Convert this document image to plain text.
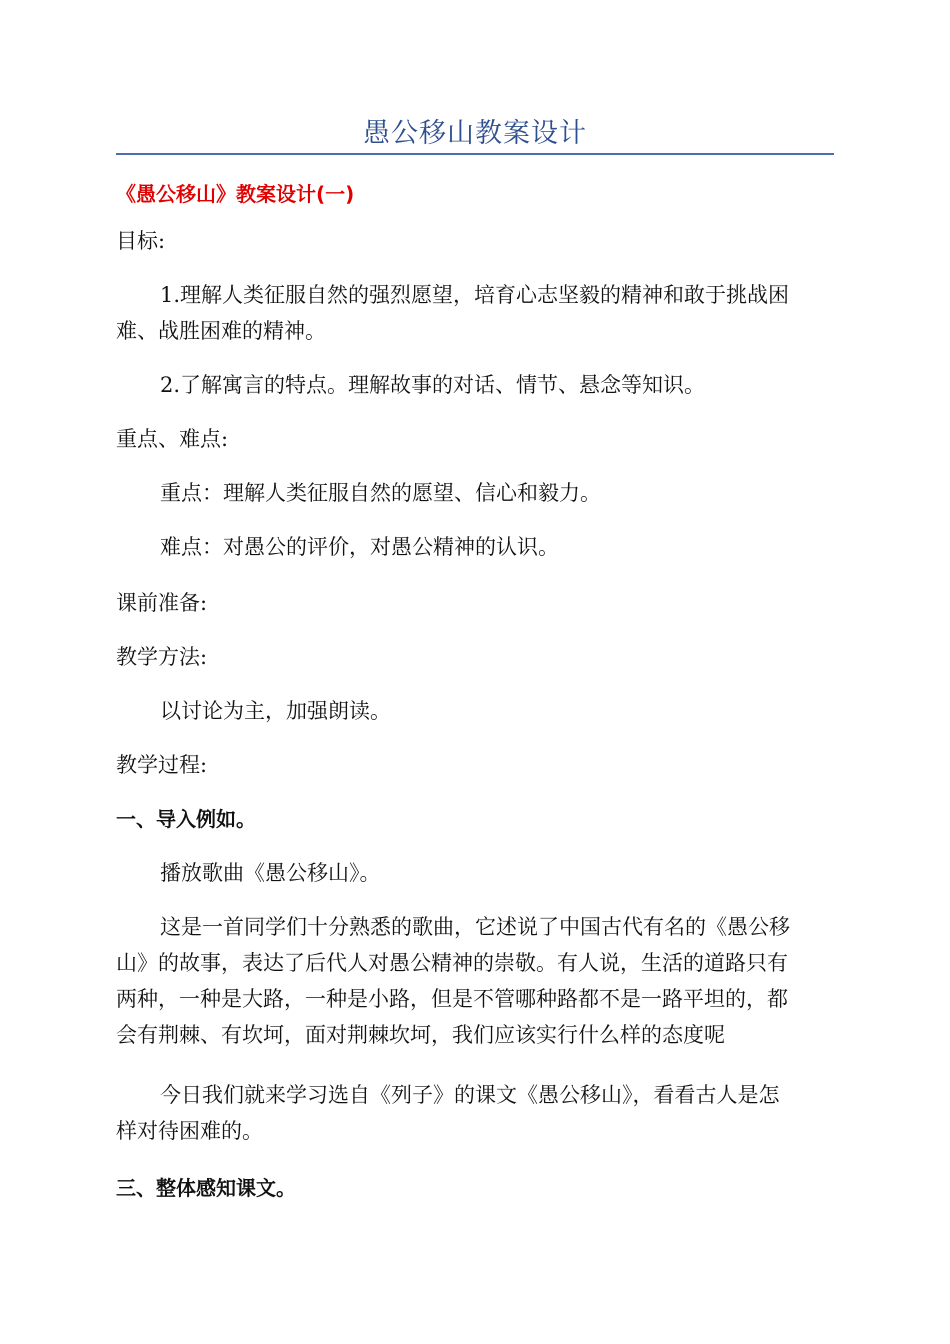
愚公移山教案设计
《愚公移山》教案设计(一)
目标:
1.理解人类征服自然的强烈愿望，培育心志坚毅的精神和敢于挑战困
难、战胜困难的精神。
2.了解寓言的特点。理解故事的对话、情节、悬念等知识。
重点、难点:
重点：理解人类征服自然的愿望、信心和毅力。
难点：对愚公的评价，对愚公精神的认识。
课前准备:
教学方法:
以讨论为主，加强朗读。
教学过程:
一、导入例如。
播放歌曲《愚公移山》。
这是一首同学们十分熟悉的歌曲，它述说了中国古代有名的《愚公移
山》的故事，表达了后代人对愚公精神的崇敬。有人说，生活的道路只有
两种，一种是大路，一种是小路，但是不管哪种路都不是一路平坦的，都
会有荆棘、有坎坷，面对荆棘坎坷，我们应该实行什么样的态度呢
今日我们就来学习选自《列子》的课文《愚公移山》，看看古人是怎
样对待困难的。
三、整体感知课文。
